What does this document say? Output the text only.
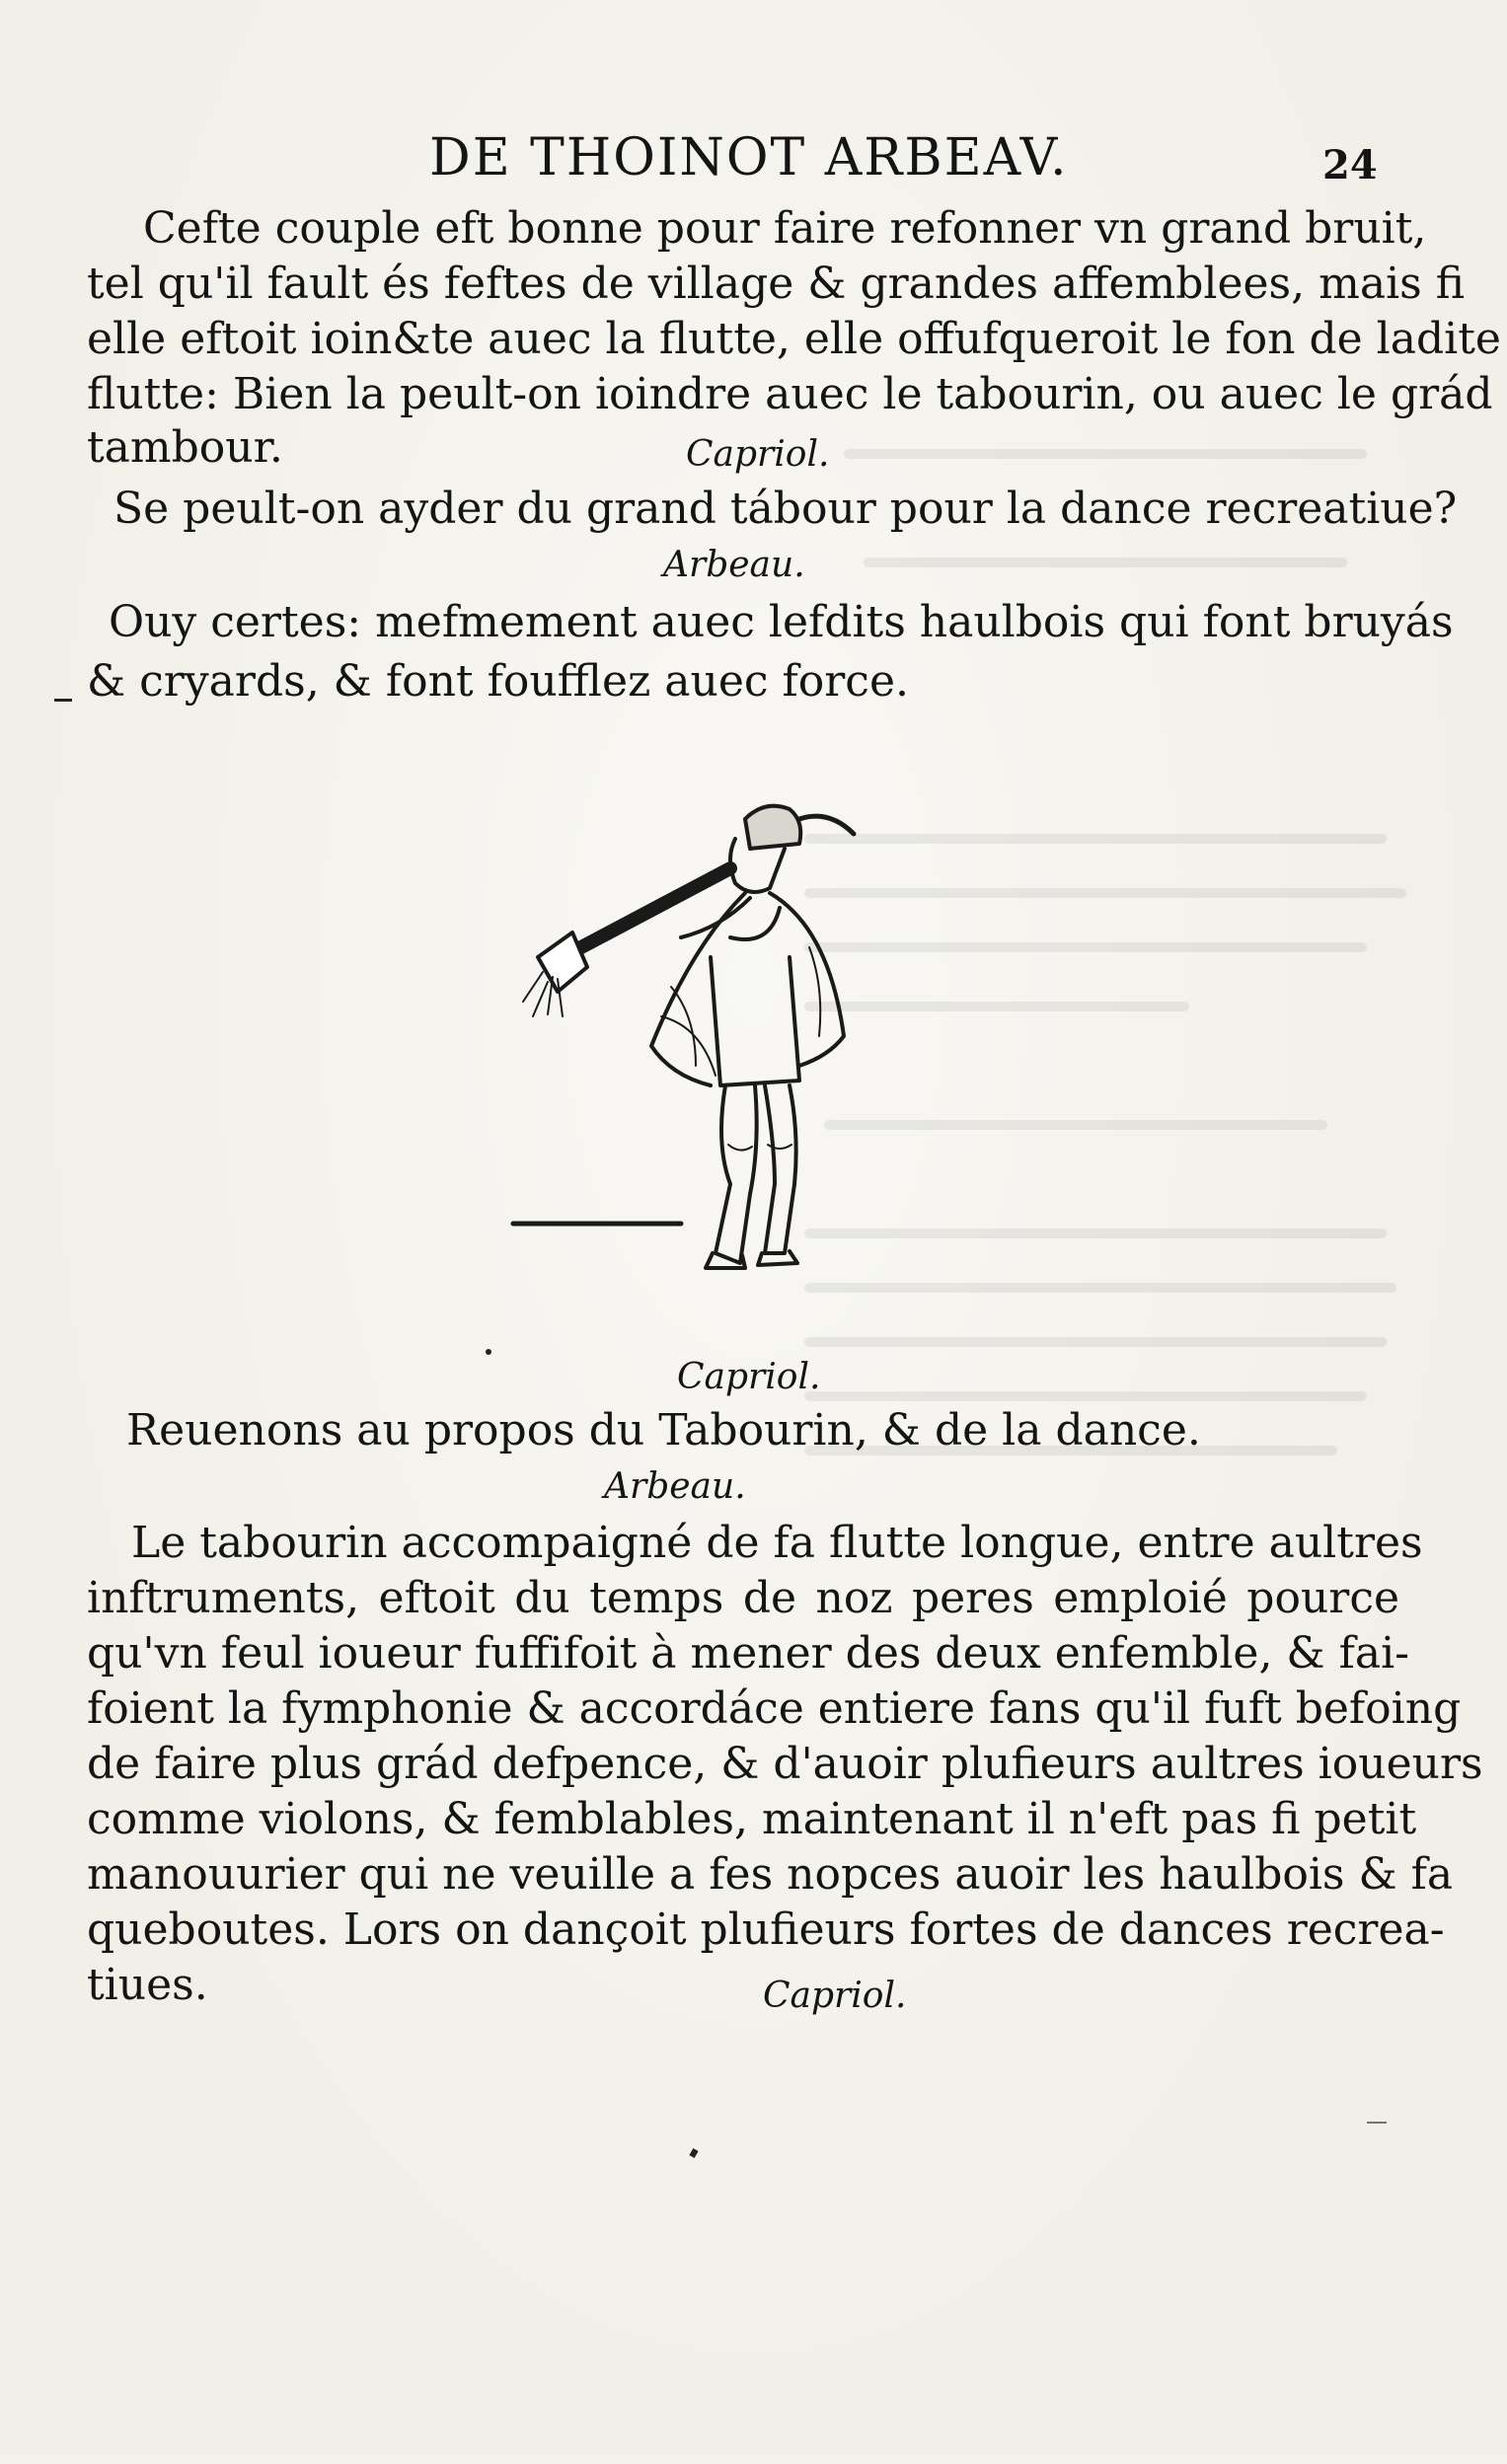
DE THOINOT ARBEAV.	24
Cefte couple eft bonne pour faire refonner vn grand bruit,
tel qu'il fault és feftes de village & grandes affemblees, mais fi
elle eftoit ioin&te auec la flutte, elle offufqueroit le fon de ladite
flutte: Bien la peult-on ioindre auec le tabourin, ou auec le grád
tambour.	Capriol.
Se peult-on ayder du grand tábour pour la dance recreatiue?
Arbeau.
Ouy certes: mefmement auec lefdits haulbois qui font bruyás
& cryards, & font foufflez auec force.
Capriol.
Reuenons au propos du Tabourin, & de la dance.
Arbeau.
Le tabourin accompaigné de fa flutte longue, entre aultres
inftruments, eftoit du temps de noz peres emploié pource
qu'vn feul ioueur fuffifoit à mener des deux enfemble, & fai-
foient la fymphonie & accordáce entiere fans qu'il fuft befoing
de faire plus grád defpence, & d'auoir plufieurs aultres ioueurs
comme violons, & femblables, maintenant il n'eft pas fi petit
manouurier qui ne veuille a fes nopces auoir les haulbois & fa
queboutes. Lors on dançoit plufieurs fortes de dances recrea-
tiues.	Capriol.
